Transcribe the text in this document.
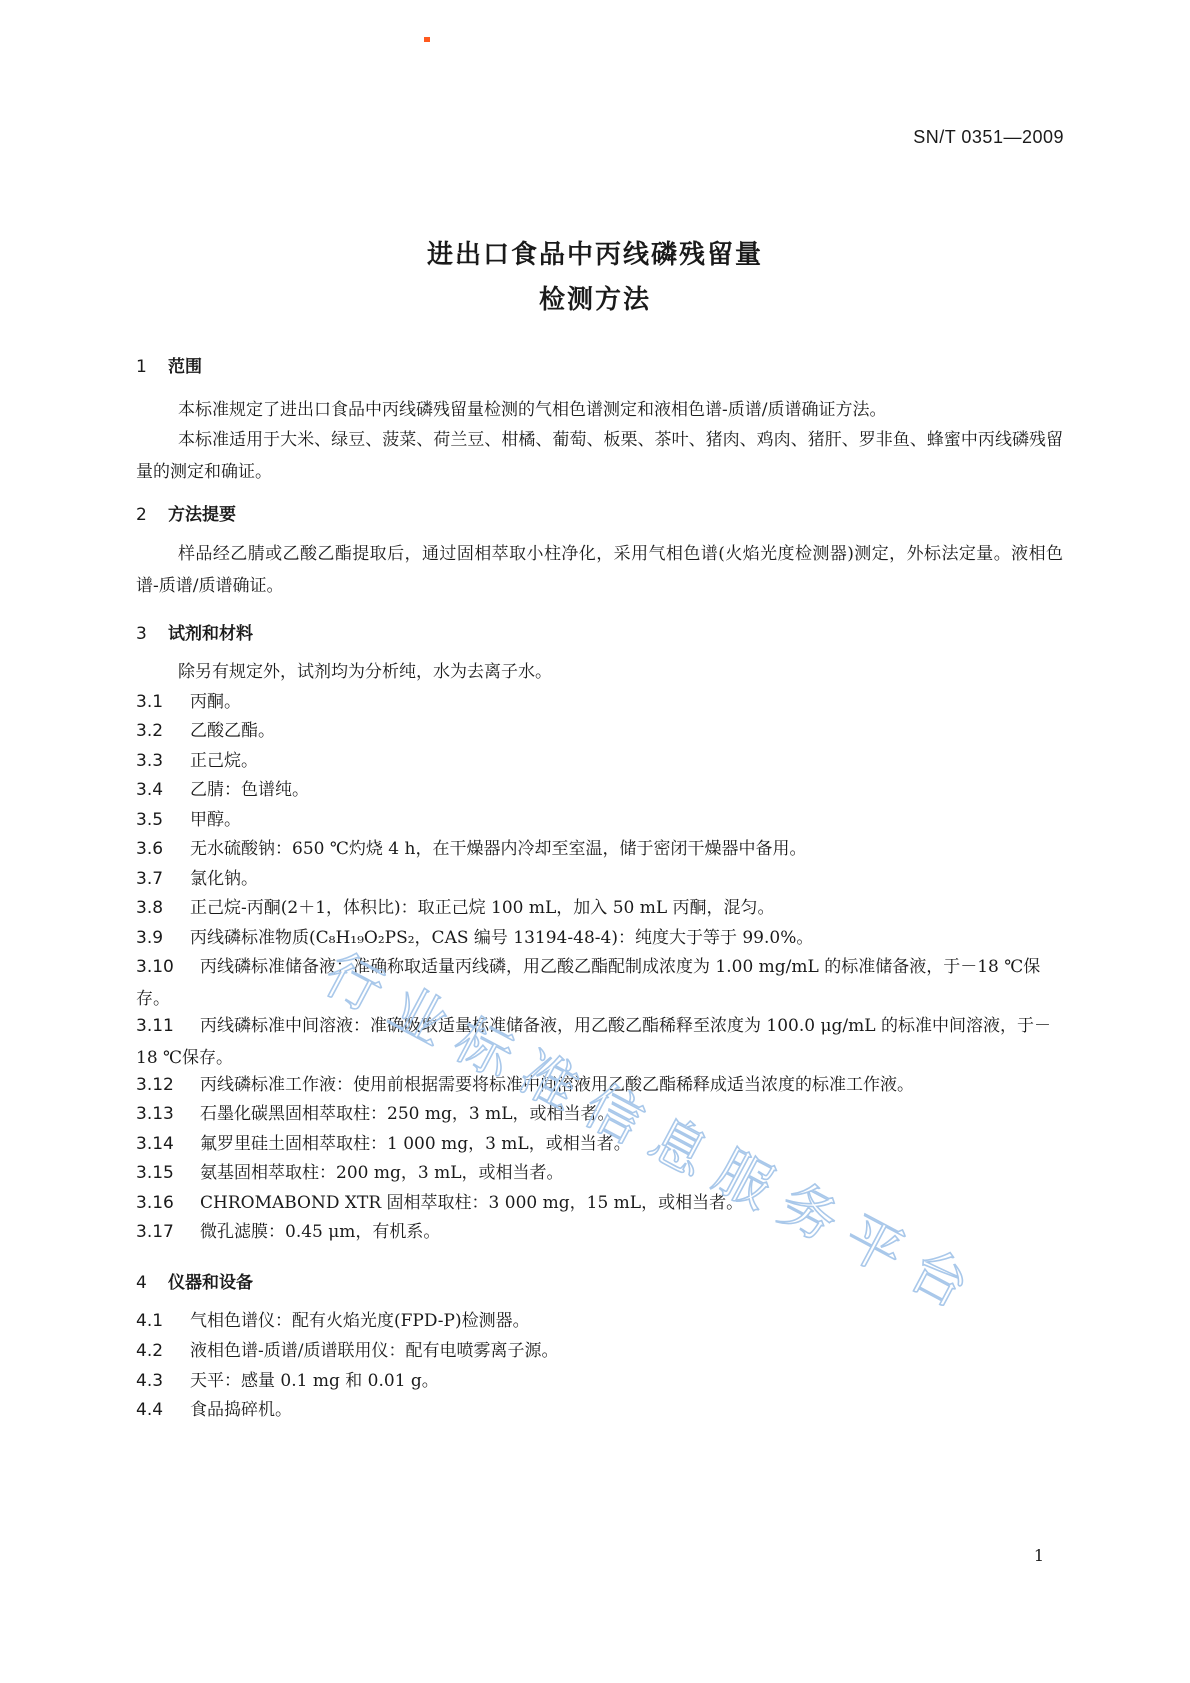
SN/T 0351—2009
进出口食品中丙线磷残留量
检测方法
1 范围
本标准规定了进出口食品中丙线磷残留量检测的气相色谱测定和液相色谱-质谱/质谱确证方法。
本标准适用于大米、绿豆、菠菜、荷兰豆、柑橘、葡萄、板栗、茶叶、猪肉、鸡肉、猪肝、罗非鱼、蜂蜜中丙线磷残留量的测定和确证。
2 方法提要
样品经乙腈或乙酸乙酯提取后，通过固相萃取小柱净化，采用气相色谱(火焰光度检测器)测定，外标法定量。液相色谱-质谱/质谱确证。
3 试剂和材料
除另有规定外，试剂均为分析纯，水为去离子水。
3.1 丙酮。
3.2 乙酸乙酯。
3.3 正己烷。
3.4 乙腈：色谱纯。
3.5 甲醇。
3.6 无水硫酸钠：650 ℃灼烧 4 h，在干燥器内冷却至室温，储于密闭干燥器中备用。
3.7 氯化钠。
3.8 正己烷-丙酮(2＋1，体积比)：取正己烷 100 mL，加入 50 mL 丙酮，混匀。
3.9 丙线磷标准物质(C₈H₁₉O₂PS₂，CAS 编号 13194-48-4)：纯度大于等于 99.0%。
3.10 丙线磷标准储备液：准确称取适量丙线磷，用乙酸乙酯配制成浓度为 1.00 mg/mL 的标准储备液，于－18 ℃保存。
3.11 丙线磷标准中间溶液：准确吸取适量标准储备液，用乙酸乙酯稀释至浓度为 100.0 μg/mL 的标准中间溶液，于－18 ℃保存。
3.12 丙线磷标准工作液：使用前根据需要将标准中间溶液用乙酸乙酯稀释成适当浓度的标准工作液。
3.13 石墨化碳黑固相萃取柱：250 mg，3 mL，或相当者。
3.14 氟罗里硅土固相萃取柱：1 000 mg，3 mL，或相当者。
3.15 氨基固相萃取柱：200 mg，3 mL，或相当者。
3.16 CHROMABOND XTR 固相萃取柱：3 000 mg，15 mL，或相当者。
3.17 微孔滤膜：0.45 μm，有机系。
4 仪器和设备
4.1 气相色谱仪：配有火焰光度(FPD-P)检测器。
4.2 液相色谱-质谱/质谱联用仪：配有电喷雾离子源。
4.3 天平：感量 0.1 mg 和 0.01 g。
4.4 食品捣碎机。
1
行
业
标
准
信
息
服
务
平
台
